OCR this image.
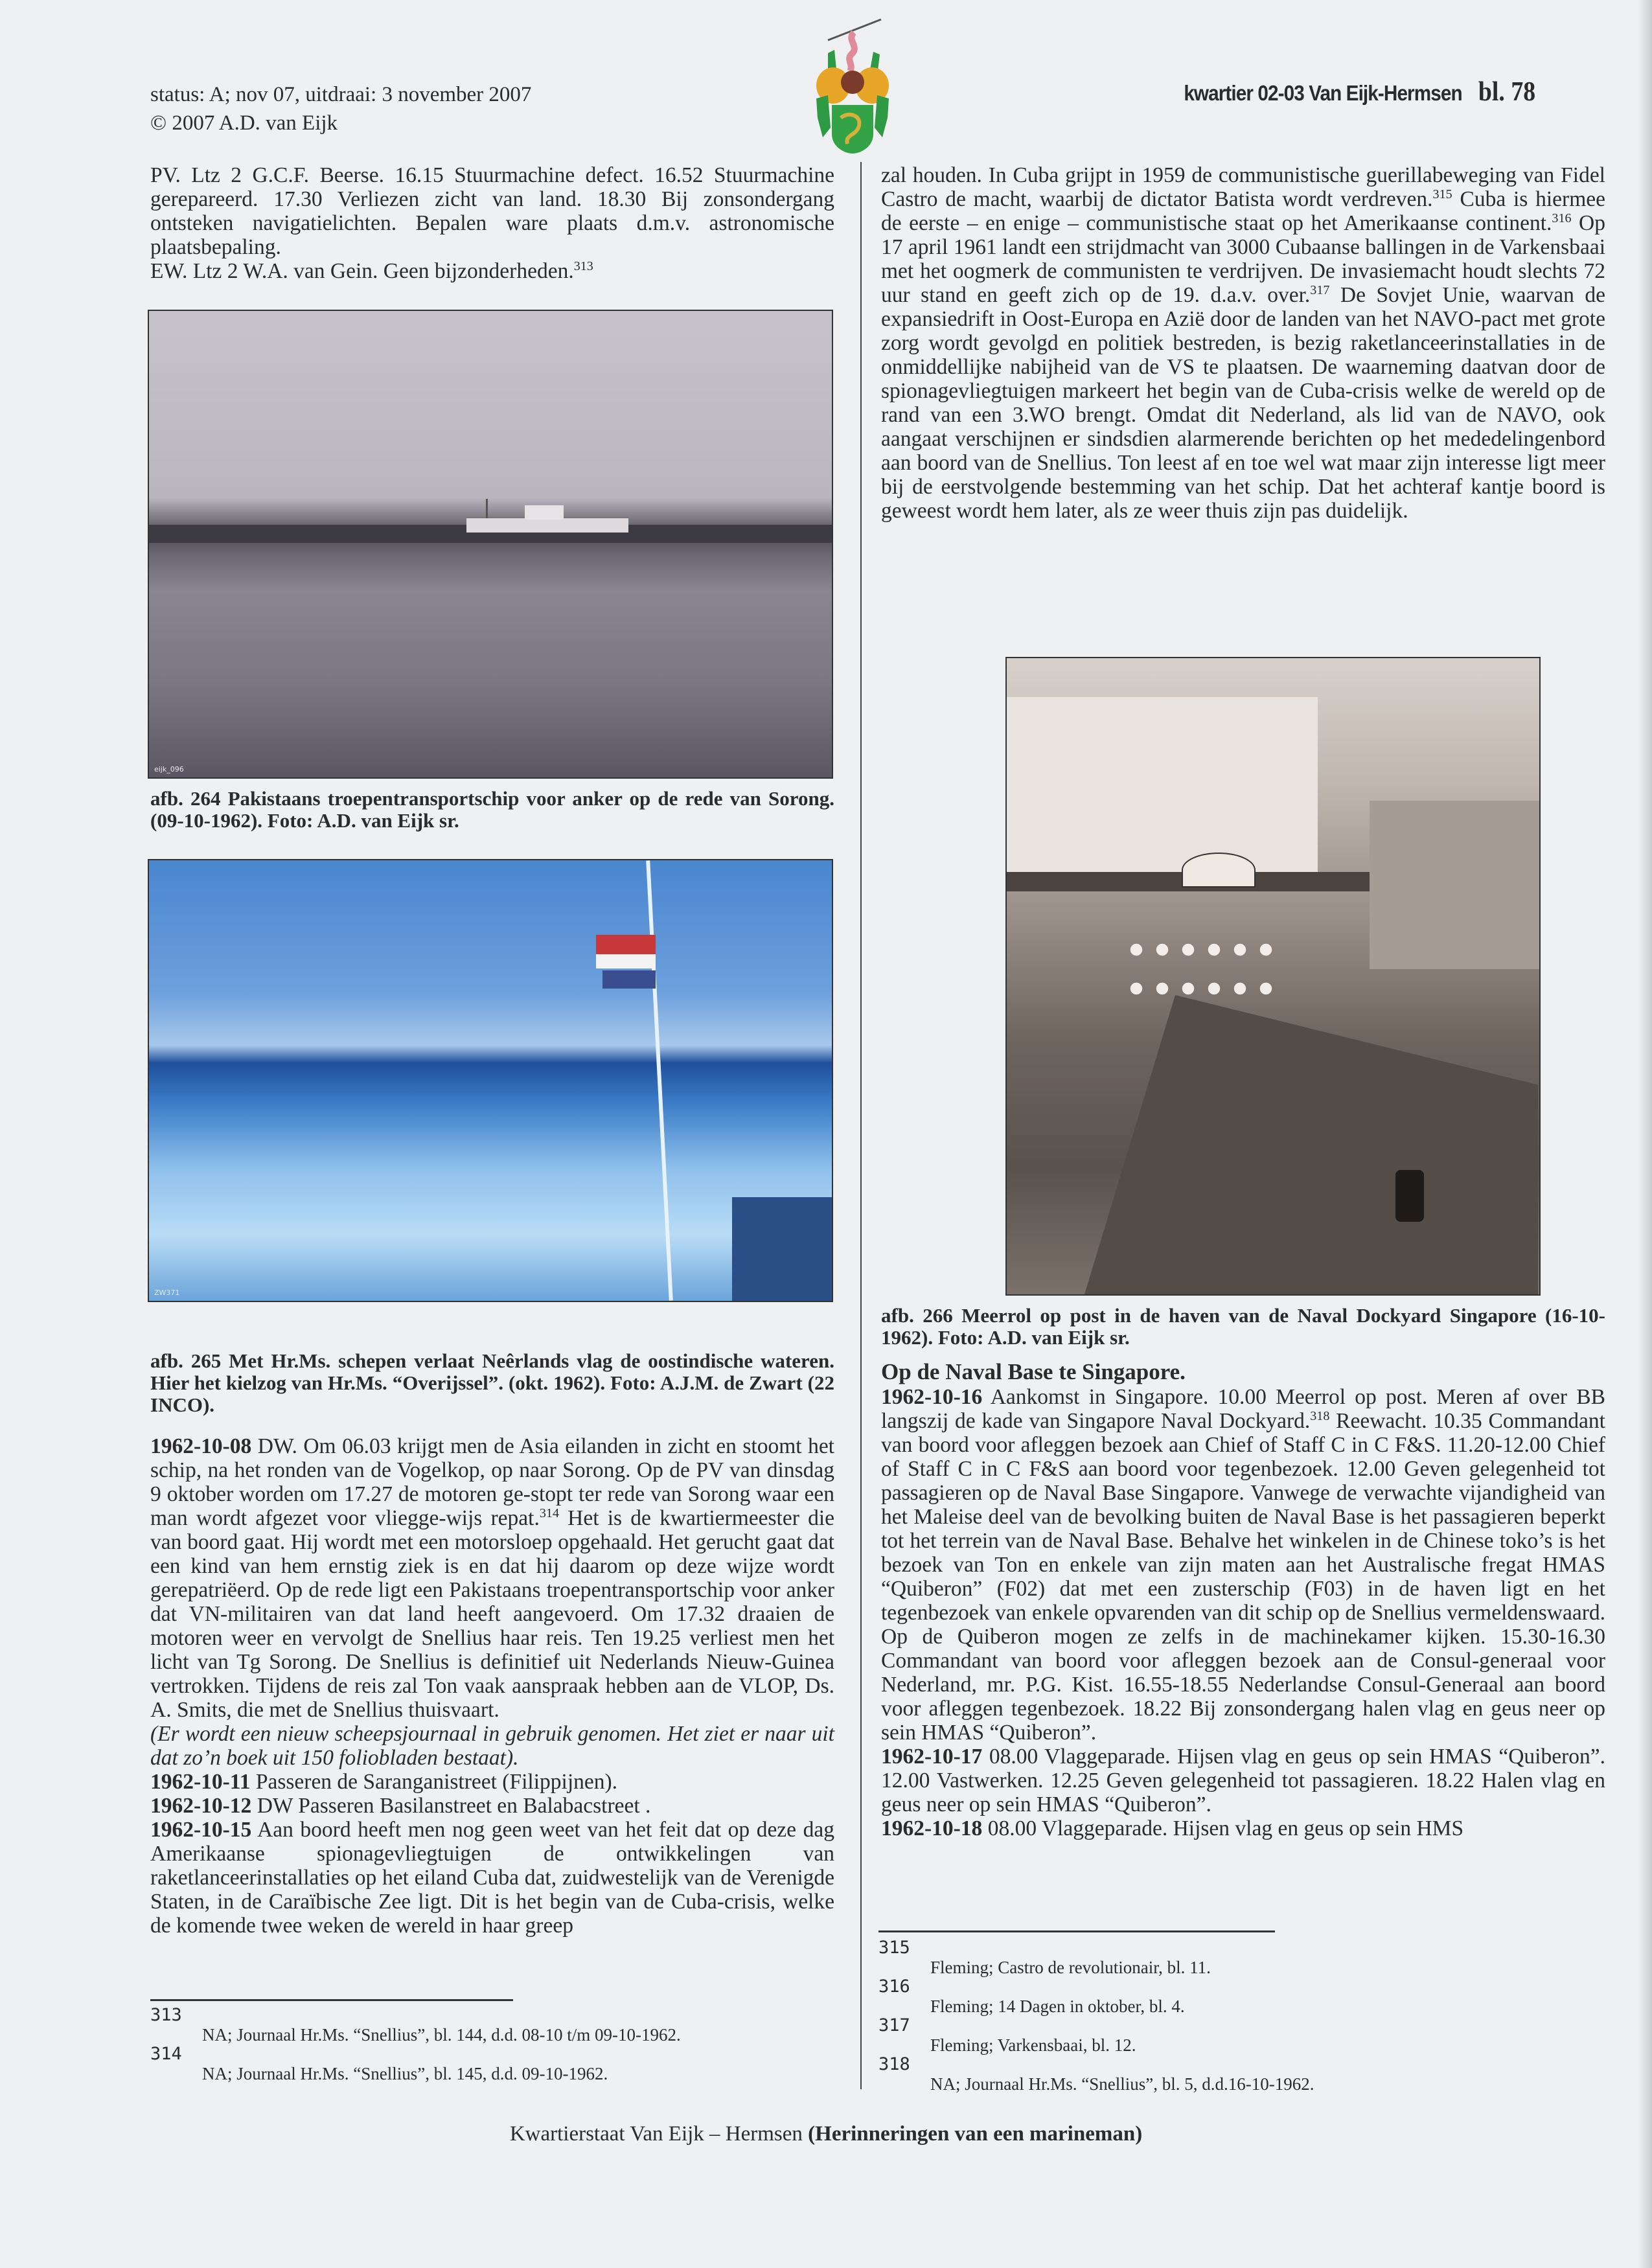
status: A; nov 07, uitdraai: 3 november 2007
© 2007 A.D. van Eijk
kwartier 02-03 Van Eijk-Hermsen bl. 78

PV. Ltz 2 G.C.F. Beerse. 16.15 Stuurmachine defect. 16.52 Stuurmachine gerepareerd. 17.30 Verliezen zicht van land. 18.30 Bij zonsondergang ontsteken navigatielichten. Bepalen ware plaats d.m.v. astronomische plaatsbepaling.

EW. Ltz 2 W.A. van Gein. Geen bijzonderheden.$^{313}$

eijk_096
afb. 264 Pakistaans troepentransportschip voor anker op de rede van Sorong. (09-10-1962). Foto: A.D. van Eijk sr.
ZW371
afb. 265 Met Hr.Ms. schepen verlaat Neêrlands vlag de oostindische wateren. Hier het kielzog van Hr.Ms. “Overijssel”. (okt. 1962). Foto: A.J.M. de Zwart (22 INCO).

1962-10-08 DW. Om 06.03 krijgt men de Asia eilanden in zicht en stoomt het schip, na het ronden van de Vogelkop, op naar Sorong. Op de PV van dinsdag 9 oktober worden om 17.27 de motoren ge-stopt ter rede van Sorong waar een man wordt afgezet voor vliegge-wijs repat.$^{314}$ Het is de kwartiermeester die van boord gaat. Hij wordt met een motorsloep opgehaald. Het gerucht gaat dat een kind van hem ernstig ziek is en dat hij daarom op deze wijze wordt gerepatriëerd. Op de rede ligt een Pakistaans troepentransportschip voor anker dat VN-militairen van dat land heeft aangevoerd. Om 17.32 draaien de motoren weer en vervolgt de Snellius haar reis. Ten 19.25 verliest men het licht van Tg Sorong. De Snellius is definitief uit Nederlands Nieuw-Guinea vertrokken. Tijdens de reis zal Ton vaak aanspraak hebben aan de VLOP, Ds. A. Smits, die met de Snellius thuisvaart.

(Er wordt een nieuw scheepsjournaal in gebruik genomen. Het ziet er naar uit dat zo’n boek uit 150 foliobladen bestaat).

1962-10-11 Passeren de Saranganistreet (Filippijnen).

1962-10-12 DW Passeren Basilanstreet en Balabacstreet .

1962-10-15 Aan boord heeft men nog geen weet van het feit dat op deze dag Amerikaanse spionagevliegtuigen de ontwikkelingen van raketlanceerinstallaties op het eiland Cuba dat, zuidwestelijk van de Verenigde Staten, in de Caraïbische Zee ligt. Dit is het begin van de Cuba-crisis, welke de komende twee weken de wereld in haar greep

313
NA; Journaal Hr.Ms. “Snellius”, bl. 144, d.d. 08-10 t/m 09-10-1962.
314
NA; Journaal Hr.Ms. “Snellius”, bl. 145, d.d. 09-10-1962.

zal houden. In Cuba grijpt in 1959 de communistische guerillabeweging van Fidel Castro de macht, waarbij de dictator Batista wordt verdreven.$^{315}$ Cuba is hiermee de eerste – en enige – communistische staat op het Amerikaanse continent.$^{316}$ Op 17 april 1961 landt een strijdmacht van 3000 Cubaanse ballingen in de Varkensbaai met het oogmerk de communisten te verdrijven. De invasiemacht houdt slechts 72 uur stand en geeft zich op de 19. d.a.v. over.$^{317}$ De Sovjet Unie, waarvan de expansiedrift in Oost-Europa en Azië door de landen van het NAVO-pact met grote zorg wordt gevolgd en politiek bestreden, is bezig raketlanceerinstallaties in de onmiddellijke nabijheid van de VS te plaatsen. De waarneming daatvan door de spionagevliegtuigen markeert het begin van de Cuba-crisis welke de wereld op de rand van een 3.WO brengt. Omdat dit Nederland, als lid van de NAVO, ook aangaat verschijnen er sindsdien alarmerende berichten op het mededelingenbord aan boord van de Snellius. Ton leest af en toe wel wat maar zijn interesse ligt meer bij de eerstvolgende bestemming van het schip. Dat het achteraf kantje boord is geweest wordt hem later, als ze weer thuis zijn pas duidelijk.

afb. 266 Meerrol op post in de haven van de Naval Dockyard Singapore (16-10-1962). Foto: A.D. van Eijk sr.

Op de Naval Base te Singapore.

1962-10-16 Aankomst in Singapore. 10.00 Meerrol op post. Meren af over BB langszij de kade van Singapore Naval Dockyard.$^{318}$ Reewacht. 10.35 Commandant van boord voor afleggen bezoek aan Chief of Staff C in C F&S. 11.20-12.00 Chief of Staff C in C F&S aan boord voor tegenbezoek. 12.00 Geven gelegenheid tot passagieren op de Naval Base Singapore. Vanwege de verwachte vijandigheid van het Maleise deel van de bevolking buiten de Naval Base is het passagieren beperkt tot het terrein van de Naval Base. Behalve het winkelen in de Chinese toko’s is het bezoek van Ton en enkele van zijn maten aan het Australische fregat HMAS “Quiberon” (F02) dat met een zusterschip (F03) in de haven ligt en het tegenbezoek van enkele opvarenden van dit schip op de Snellius vermeldenswaard. Op de Quiberon mogen ze zelfs in de machinekamer kijken. 15.30-16.30 Commandant van boord voor afleggen bezoek aan de Consul-generaal voor Nederland, mr. P.G. Kist. 16.55-18.55 Nederlandse Consul-Generaal aan boord voor afleggen tegenbezoek. 18.22 Bij zonsondergang halen vlag en geus neer op sein HMAS “Quiberon”.

1962-10-17 08.00 Vlaggeparade. Hijsen vlag en geus op sein HMAS “Quiberon”. 12.00 Vastwerken. 12.25 Geven gelegenheid tot passagieren. 18.22 Halen vlag en geus neer op sein HMAS “Quiberon”.

1962-10-18 08.00 Vlaggeparade. Hijsen vlag en geus op sein HMS

315
Fleming; Castro de revolutionair, bl. 11.
316
Fleming; 14 Dagen in oktober, bl. 4.
317
Fleming; Varkensbaai, bl. 12.
318
NA; Journaal Hr.Ms. “Snellius”, bl. 5, d.d.16-10-1962.
Kwartierstaat Van Eijk – Hermsen (Herinneringen van een marineman)
